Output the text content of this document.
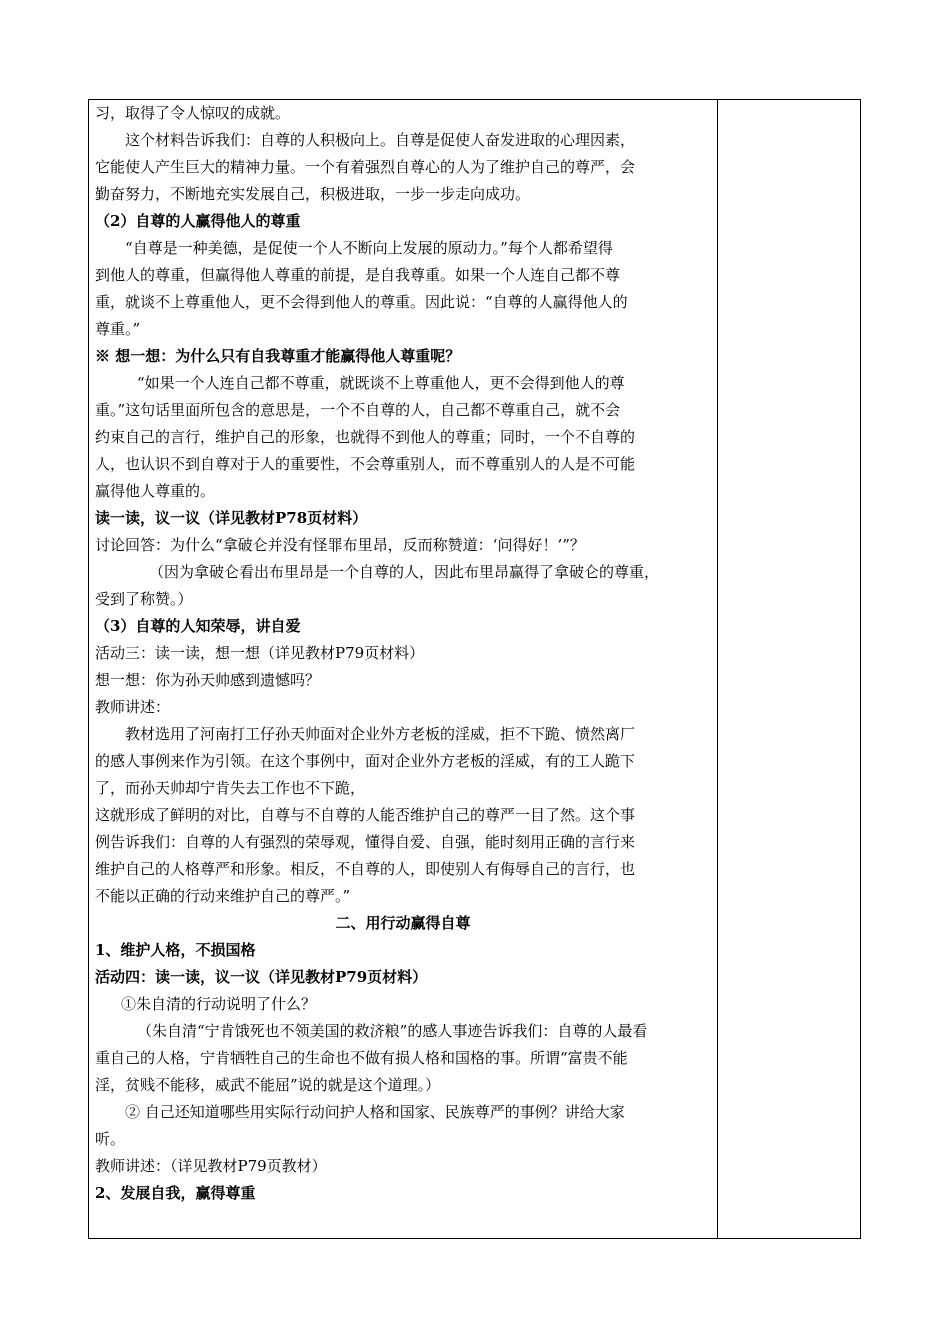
习，取得了令人惊叹的成就。
这个材料告诉我们：自尊的人积极向上。自尊是促使人奋发进取的心理因素，
它能使人产生巨大的精神力量。一个有着强烈自尊心的人为了维护自己的尊严，会
勤奋努力，不断地充实发展自己，积极进取，一步一步走向成功。
（2）自尊的人赢得他人的尊重
“自尊是一种美德，是促使一个人不断向上发展的原动力。”每个人都希望得
到他人的尊重，但赢得他人尊重的前提，是自我尊重。如果一个人连自己都不尊
重，就谈不上尊重他人，更不会得到他人的尊重。因此说：“自尊的人赢得他人的
尊重。”
※ 想一想：为什么只有自我尊重才能赢得他人尊重呢？
“如果一个人连自己都不尊重，就既谈不上尊重他人，更不会得到他人的尊
重。”这句话里面所包含的意思是，一个不自尊的人，自己都不尊重自己，就不会
约束自己的言行，维护自己的形象，也就得不到他人的尊重；同时，一个不自尊的
人，也认识不到自尊对于人的重要性，不会尊重别人，而不尊重别人的人是不可能
赢得他人尊重的。
读一读，议一议（详见教材P78页材料）
讨论回答：为什么“拿破仑并没有怪罪布里昂，反而称赞道：‘问得好！’”？
（因为拿破仑看出布里昂是一个自尊的人，因此布里昂赢得了拿破仑的尊重，
受到了称赞。）
（3）自尊的人知荣辱，讲自爱
活动三：读一读，想一想（详见教材P79页材料）
想一想：你为孙天帅感到遗憾吗？
教师讲述：
教材选用了河南打工仔孙天帅面对企业外方老板的淫威，拒不下跪、愤然离厂
的感人事例来作为引领。在这个事例中，面对企业外方老板的淫威，有的工人跪下
了，而孙天帅却宁肯失去工作也不下跪，
这就形成了鲜明的对比，自尊与不自尊的人能否维护自己的尊严一目了然。这个事
例告诉我们：自尊的人有强烈的荣辱观，懂得自爱、自强，能时刻用正确的言行来
维护自己的人格尊严和形象。相反，不自尊的人，即使别人有侮辱自己的言行，也
不能以正确的行动来维护自己的尊严。”
二、用行动赢得自尊
1、维护人格，不损国格
活动四：读一读，议一议（详见教材P79页材料）
①朱自清的行动说明了什么？
（朱自清“宁肯饿死也不领美国的救济粮”的感人事迹告诉我们：自尊的人最看
重自己的人格，宁肯牺牲自己的生命也不做有损人格和国格的事。所谓“富贵不能
淫，贫贱不能移，威武不能屈”说的就是这个道理。）
② 自己还知道哪些用实际行动问护人格和国家、民族尊严的事例？讲给大家
听。
教师讲述：（详见教材P79页教材）
2、发展自我，赢得尊重
